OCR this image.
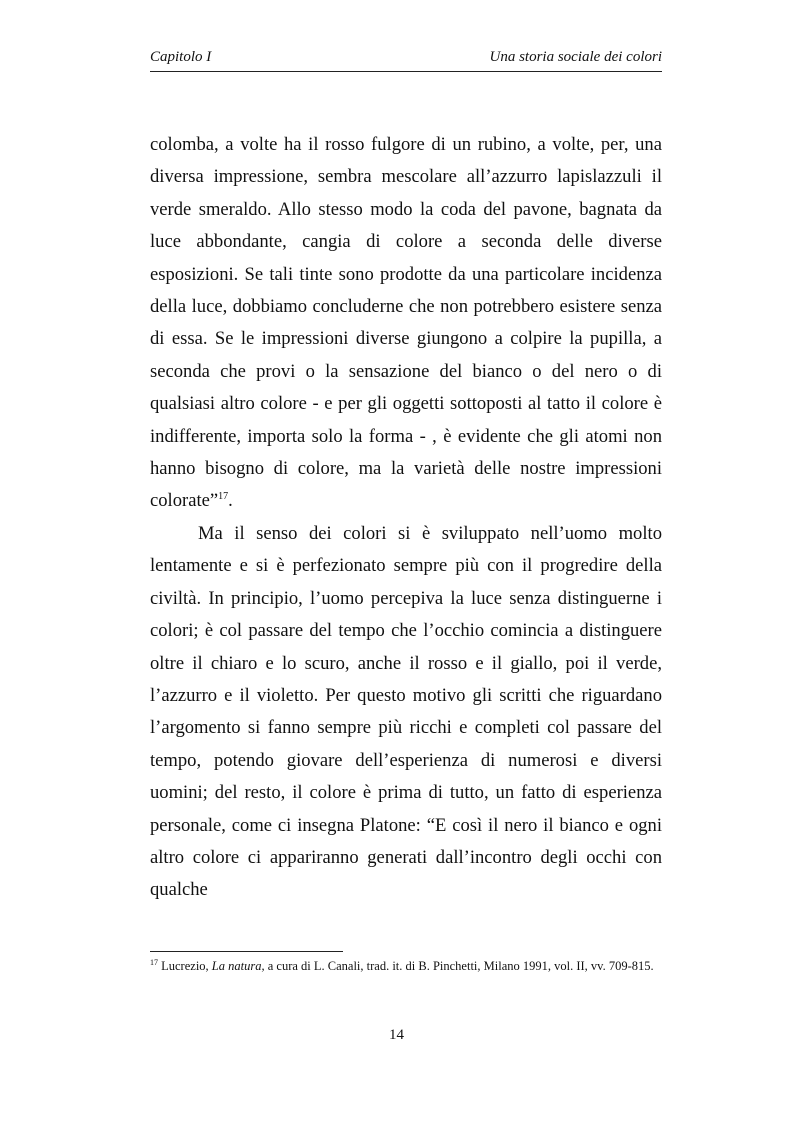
Capitolo I	Una storia sociale dei colori

colomba, a volte ha il rosso fulgore di un rubino, a volte, per, una diversa impressione, sembra mescolare all’azzurro lapislazzuli il verde smeraldo. Allo stesso modo la coda del pavone, bagnata da luce abbondante, cangia di colore a seconda delle diverse esposizioni. Se tali tinte sono prodotte da una particolare incidenza della luce, dobbiamo concluderne che non potrebbero esistere senza di essa. Se le impressioni diverse giungono a colpire la pupilla, a seconda che provi o la sensazione del bianco o del nero o di qualsiasi altro colore - e per gli oggetti sottoposti al tatto il colore è indifferente, importa solo la forma - , è evidente che gli atomi non hanno bisogno di colore, ma la varietà delle nostre impressioni colorate”$^{17}$.

Ma il senso dei colori si è sviluppato nell’uomo molto lentamente e si è perfezionato sempre più con il progredire della civiltà. In principio, l’uomo percepiva la luce senza distinguerne i colori; è col passare del tempo che l’occhio comincia a distinguere oltre il chiaro e lo scuro, anche il rosso e il giallo, poi il verde, l’azzurro e il violetto. Per questo motivo gli scritti che riguardano l’argomento si fanno sempre più ricchi e completi col passare del tempo, potendo giovare dell’esperienza di numerosi e diversi uomini; del resto, il colore è prima di tutto, un fatto di esperienza personale, come ci insegna Platone: “E così il nero il bianco e ogni altro colore ci appariranno generati dall’incontro degli occhi con qualche

$^{17}$ Lucrezio, La natura, a cura di L. Canali, trad. it. di B. Pinchetti, Milano 1991, vol. II, vv. 709-815.
14
